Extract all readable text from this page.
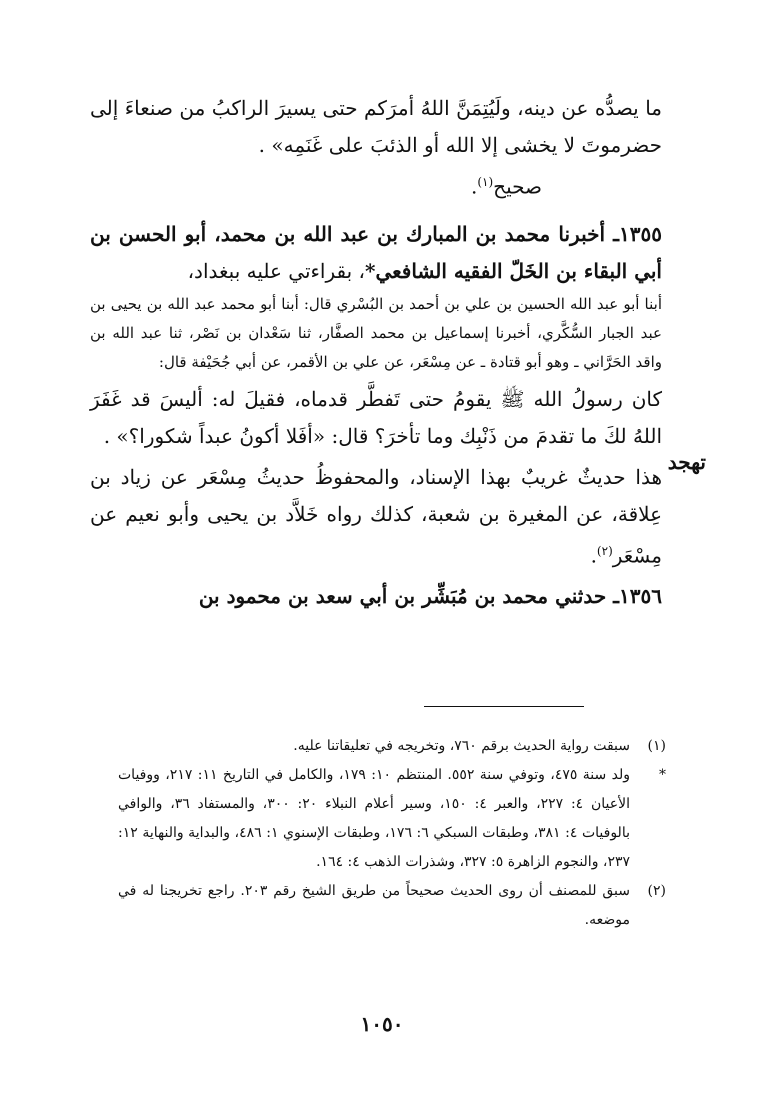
ما يصدُّه عن دينه، ولَيُتِمَنَّ اللهُ أمرَكم حتى يسيرَ الراكبُ من صنعاءَ إلى حضرموتَ لا يخشى إلا الله أو الذئبَ على غَنَمِه» .

صحيح$^{(١)}$.

١٣٥٥ـ أخبرنا محمد بن المبارك بن عبد الله بن محمد، أبو الحسن بن أبي البقاء بن الخَلّ الفقيه الشافعي*، بقراءتي عليه ببغداد،

أبنا أبو عبد الله الحسين بن علي بن أحمد بن البُسْري قال: أبنا أبو محمد عبد الله بن يحيى بن عبد الجبار السُّكَّري، أخبرنا إسماعيل بن محمد الصفَّار، ثنا سَعْدان بن نَصْر، ثنا عبد الله بن واقد الحَرَّاني ـ وهو أبو قتادة ـ عن مِسْعَر، عن علي بن الأقمر، عن أبي جُحَيْفة قال:

كان رسولُ الله ﷺ يقومُ حتى تَفطَّر قدماه، فقيلَ له: أليسَ قد غَفَرَ اللهُ لكَ ما تقدمَ من ذَنْبِك وما تأخرَ؟ قال: «أفَلا أكونُ عبداً شكورا؟» .

هذا حديثٌ غريبٌ بهذا الإسناد، والمحفوظُ حديثُ مِسْعَر عن زياد بن عِلاقة، عن المغيرة بن شعبة، كذلك رواه خَلاَّد بن يحيى وأبو نعيم عن مِسْعَر$^{(٢)}$.

١٣٥٦ـ حدثني محمد بن مُبَشِّر بن أبي سعد بن محمود بن

تهجد
(١)
سبقت رواية الحديث برقم ٧٦٠، وتخريجه في تعليقاتنا عليه.
*
ولد سنة ٤٧٥، وتوفي سنة ٥٥٢. المنتظم ١٠: ١٧٩، والكامل في التاريخ ١١: ٢١٧، ووفيات الأعيان ٤: ٢٢٧، والعبر ٤: ١٥٠، وسير أعلام النبلاء ٢٠: ٣٠٠، والمستفاد ٣٦، والوافي بالوفيات ٤: ٣٨١، وطبقات السبكي ٦: ١٧٦، وطبقات الإسنوي ١: ٤٨٦، والبداية والنهاية ١٢: ٢٣٧، والنجوم الزاهرة ٥: ٣٢٧، وشذرات الذهب ٤: ١٦٤.
(٢)
سبق للمصنف أن روى الحديث صحيحاً من طريق الشيخ رقم ٢٠٣. راجع تخريجنا له في موضعه.
١٠٥٠
